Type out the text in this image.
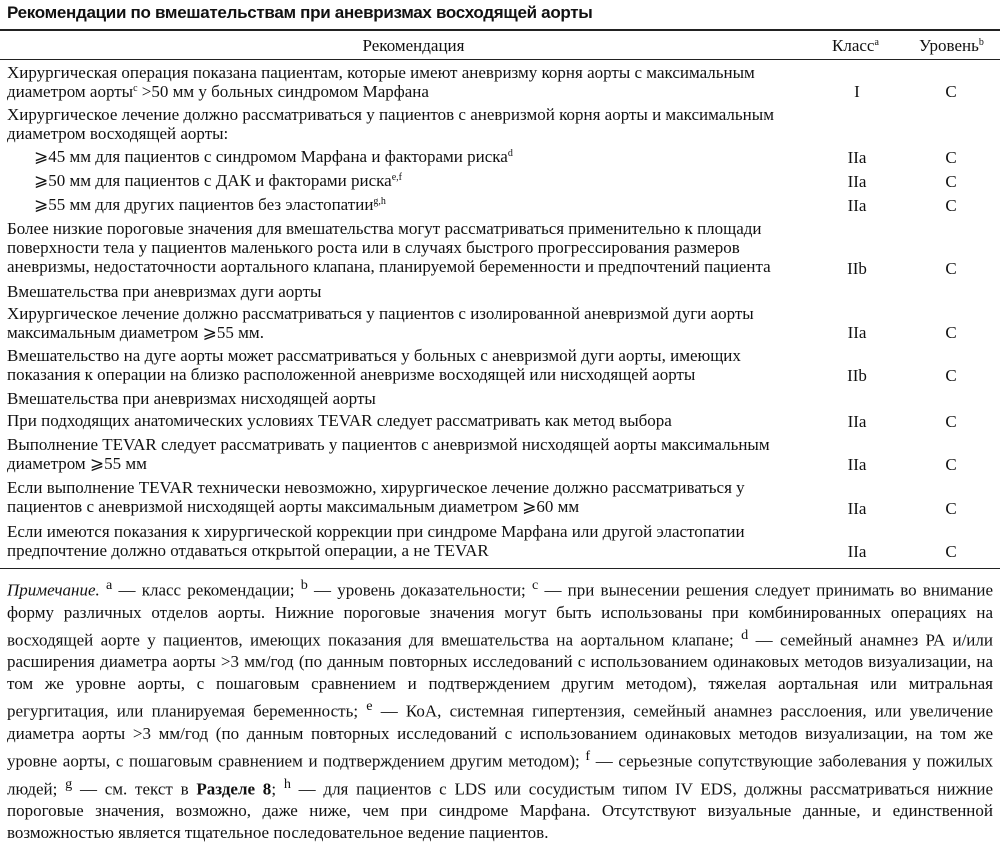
Рекомендации по вмешательствам при аневризмах восходящей аорты
Рекомендация	Класс$^a$ Уровень$^b$
Хирургическая операция показана пациентам, которые имеют аневризму корня аорты с максимальным диаметром аорты$^c$ >50 мм у больных синдромом Марфана	I	C
Хирургическое лечение должно рассматриваться у пациентов с аневризмой корня аорты и максимальным диаметром восходящей аорты:
⩾45 мм для пациентов с синдромом Марфана и факторами риска$^d$	IIa	C
⩾50 мм для пациентов с ДАК и факторами риска$^{e,f}$	IIa	C
⩾55 мм для других пациентов без эластопатии$^{g,h}$	IIa	C
Более низкие пороговые значения для вмешательства могут рассматриваться применительно к площади поверхности тела у пациентов маленького роста или в случаях быстрого прогрессирования размеров аневризмы, недостаточности аортального клапана, планируемой беременности и предпочтений пациента	IIb	C
Вмешательства при аневризмах дуги аорты
Хирургическое лечение должно рассматриваться у пациентов с изолированной аневризмой дуги аорты максимальным диаметром ⩾55 мм.	IIa	C
Вмешательство на дуге аорты может рассматриваться у больных с аневризмой дуги аорты, имеющих показания к операции на близко расположенной аневризме восходящей или нисходящей аорты	IIb	C
Вмешательства при аневризмах нисходящей аорты
При подходящих анатомических условиях TEVAR следует рассматривать как метод выбора	IIa	C
Выполнение TEVAR следует рассматривать у пациентов с аневризмой нисходящей аорты максимальным диаметром ⩾55 мм	IIa	C
Если выполнение TEVAR технически невозможно, хирургическое лечение должно рассматриваться у пациентов с аневризмой нисходящей аорты максимальным диаметром ⩾60 мм	IIa	C
Если имеются показания к хирургической коррекции при синдроме Марфана или другой эластопатии предпочтение должно отдаваться открытой операции, а не TEVAR	IIa	C
Примечание. $^a$ — класс рекомендации; $^b$ — уровень доказательности; $^c$ — при вынесении решения следует принимать во внимание форму различных отделов аорты. Нижние пороговые значения могут быть использованы при комбинированных операциях на восходящей аорте у пациентов, имеющих показания для вмешательства на аортальном клапане; $^d$ — семейный анамнез РА и/или расширения диаметра аорты >3 мм/год (по данным повторных исследований с использованием одинаковых методов визуализации, на том же уровне аорты, с пошаговым сравнением и подтверждением другим методом), тяжелая аортальная или митральная регургитация, или планируемая беременность; $^e$ — КоА, системная гипертензия, семейный анамнез расслоения, или увеличение диаметра аорты >3 мм/год (по данным повторных исследований с использованием одинаковых методов визуализации, на том же уровне аорты, с пошаговым сравнением и подтверждением другим методом); $^f$ — серьезные сопутствующие заболевания у пожилых людей; $^g$ — см. текст в Разделе 8; $^h$ — для пациентов с LDS или сосудистым типом IV EDS, должны рассматриваться нижние пороговые значения, возможно, даже ниже, чем при синдроме Марфана. Отсутствуют визуальные данные, и единственной возможностью является тщательное последовательное ведение пациентов.
